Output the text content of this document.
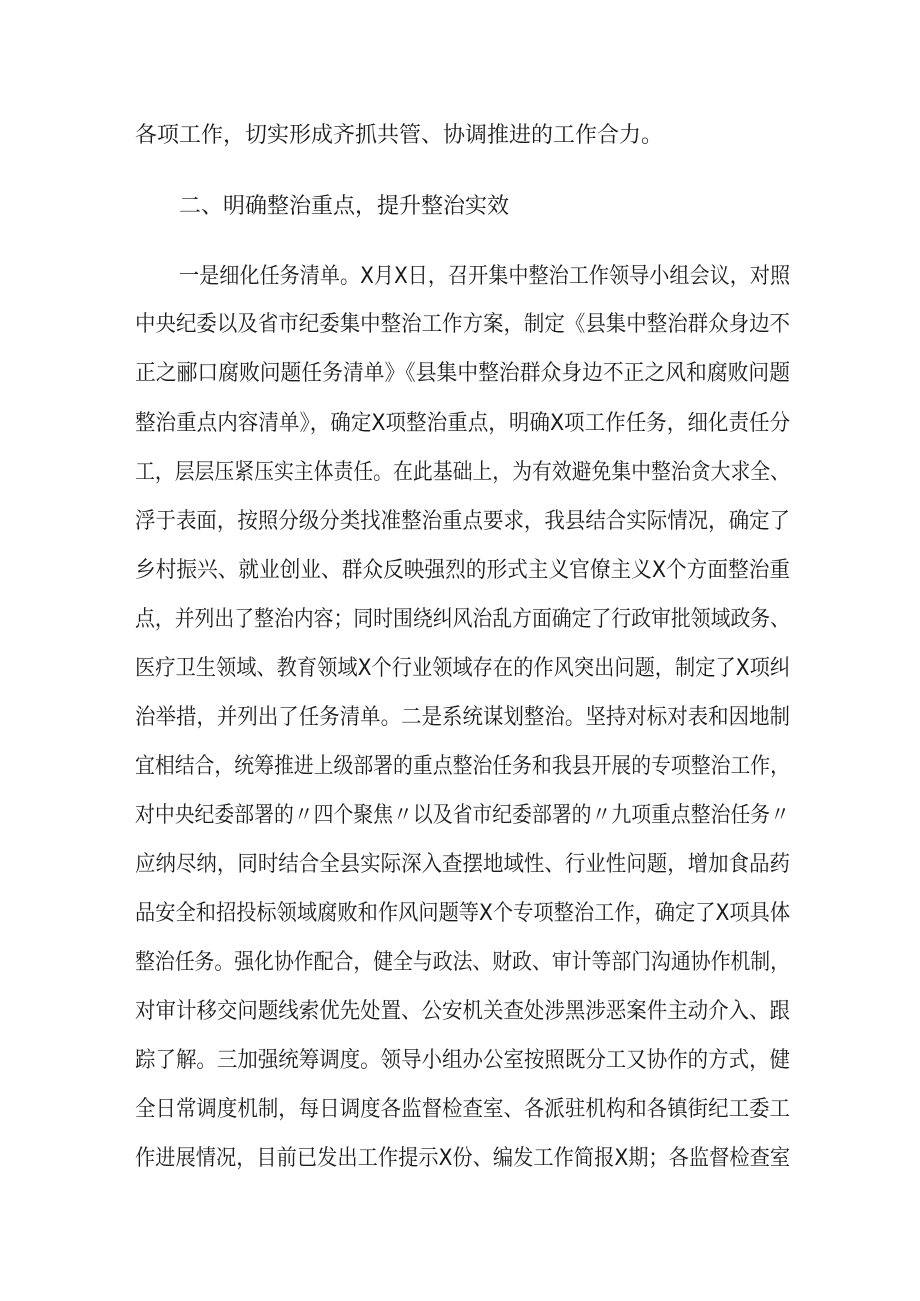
各项工作，切实形成齐抓共管、协调推进的工作合力。
二、明确整治重点，提升整治实效
一是细化任务清单。X月X日，召开集中整治工作领导小组会议，对照
中央纪委以及省市纪委集中整治工作方案，制定《县集中整治群众身边不
正之郦口腐败问题任务清单》《县集中整治群众身边不正之风和腐败问题
整治重点内容清单》，确定X项整治重点，明确X项工作任务，细化责任分
工，层层压紧压实主体责任。在此基础上，为有效避免集中整治贪大求全、
浮于表面，按照分级分类找准整治重点要求，我县结合实际情况，确定了
乡村振兴、就业创业、群众反映强烈的形式主义官僚主义X个方面整治重
点，并列出了整治内容；同时围绕纠风治乱方面确定了行政审批领域政务、
医疗卫生领域、教育领域X个行业领域存在的作风突出问题，制定了X项纠
治举措，并列出了任务清单。二是系统谋划整治。坚持对标对表和因地制
宜相结合，统筹推进上级部署的重点整治任务和我县开展的专项整治工作，
对中央纪委部署的〃四个聚焦〃以及省市纪委部署的〃九项重点整治任务〃
应纳尽纳，同时结合全县实际深入查摆地域性、行业性问题，增加食品药
品安全和招投标领域腐败和作风问题等X个专项整治工作，确定了X项具体
整治任务。强化协作配合，健全与政法、财政、审计等部门沟通协作机制，
对审计移交问题线索优先处置、公安机关查处涉黑涉恶案件主动介入、跟
踪了解。三加强统筹调度。领导小组办公室按照既分工又协作的方式，健
全日常调度机制，每日调度各监督检查室、各派驻机构和各镇街纪工委工
作进展情况，目前已发出工作提示X份、编发工作简报X期；各监督检查室
